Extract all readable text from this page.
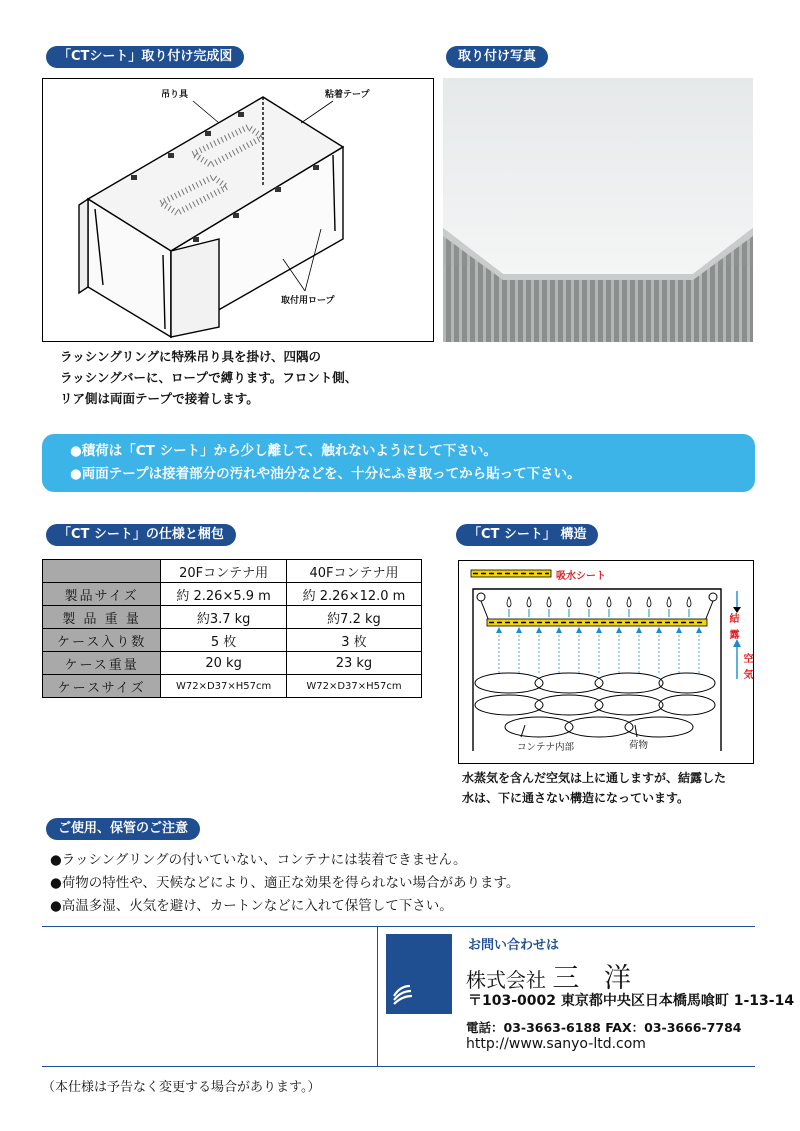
「CTシート」取り付け完成図	取り付け写真
吊り具	粘着テープ
取付用ロープ
ラッシングリングに特殊吊り具を掛け、四隅の
ラッシングバーに、ロープで縛ります。フロント側、
リア側は両面テープで接着します。
●積荷は「CT シート」から少し離して、触れないようにして下さい。
●両面テープは接着部分の汚れや油分などを、十分にふき取ってから貼って下さい。
「CT シート」の仕様と梱包
	20Fコンテナ用	40Fコンテナ用
製品サイズ	約 2.26×5.9 m	約 2.26×12.0 m
製 品 重 量	約3.7 kg	約7.2 kg
ケース入り数	5 枚	3 枚
ケース重量	20 kg	23 kg
ケースサイズ	W72×D37×H57cm	W72×D37×H57cm
「CT シート」 構造
吸水シート
結露
空気
コンテナ内部	荷物
水蒸気を含んだ空気は上に通しますが、結露した
水は、下に通さない構造になっています。
ご使用、保管のご注意
●ラッシングリングの付いていない、コンテナには装着できません。
●荷物の特性や、天候などにより、適正な効果を得られない場合があります。
●高温多湿、火気を避け、カートンなどに入れて保管して下さい。
お問い合わせは
株式会社 三 洋
〒103-0002 東京都中央区日本橋馬喰町 1-13-14
電話：03-3663-6188 FAX：03-3666-7784
http://www.sanyo-ltd.com
（本仕様は予告なく変更する場合があります。）
